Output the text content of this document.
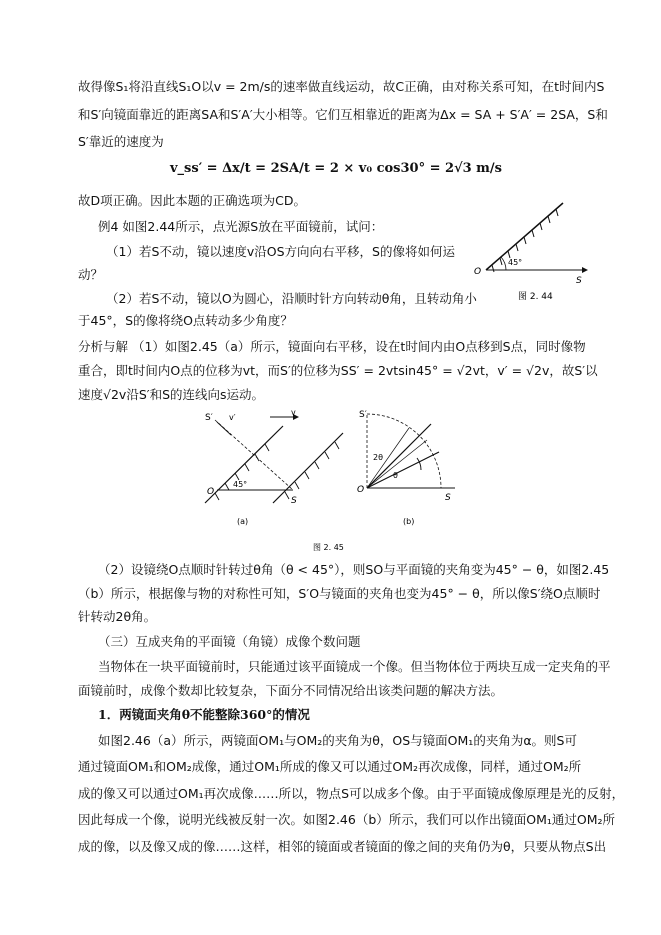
故得像S₁将沿直线S₁O以v = 2m/s的速率做直线运动，故C正确，由对称关系可知，在t时间内S
和S′向镜面靠近的距离SA和S′A′大小相等。它们互相靠近的距离为Δx = SA + S′A′ = 2SA，S和
S′靠近的速度为
v_ss′ = Δx/t = 2SA/t = 2 × v₀ cos30° = 2√3 m/s
故D项正确。因此本题的正确选项为CD。
例4 如图2.44所示，点光源S放在平面镜前，试问：
（1）若S不动，镜以速度v沿OS方向向右平移，S的像将如何运
动？
（2）若S不动，镜以O为圆心，沿顺时针方向转动θ角，且转动角小
于45°，S的像将绕O点转动多少角度？
45°
O
S
图 2. 44
分析与解 （1）如图2.45（a）所示，镜面向右平移，设在t时间内由O点移到S点，同时像物
重合，即t时间内O点的位移为vt，而S′的位移为SS′ = 2vtsin45° = √2vt，v′ = √2v，故S′以
速度√2v沿S′和S的连线向s运动。
S′ v′
v
O
S
45°
(a)
S′
O
S
2θ
θ
(b)
图 2. 45
（2）设镜绕O点顺时针转过θ角（θ < 45°），则SO与平面镜的夹角变为45° − θ，如图2.45
（b）所示，根据像与物的对称性可知，S′O与镜面的夹角也变为45° − θ，所以像S′绕O点顺时
针转动2θ角。
（三）互成夹角的平面镜（角镜）成像个数问题
当物体在一块平面镜前时，只能通过该平面镜成一个像。但当物体位于两块互成一定夹角的平
面镜前时，成像个数却比较复杂，下面分不同情况给出该类问题的解决方法。
1．两镜面夹角θ不能整除360°的情况
如图2.46（a）所示，两镜面OM₁与OM₂的夹角为θ，OS与镜面OM₁的夹角为α。则S可
通过镜面OM₁和OM₂成像，通过OM₁所成的像又可以通过OM₂再次成像，同样，通过OM₂所
成的像又可以通过OM₁再次成像……所以，物点S可以成多个像。由于平面镜成像原理是光的反射，
因此每成一个像，说明光线被反射一次。如图2.46（b）所示，我们可以作出镜面OM₁通过OM₂所
成的像，以及像又成的像……这样，相邻的镜面或者镜面的像之间的夹角仍为θ，只要从物点S出
